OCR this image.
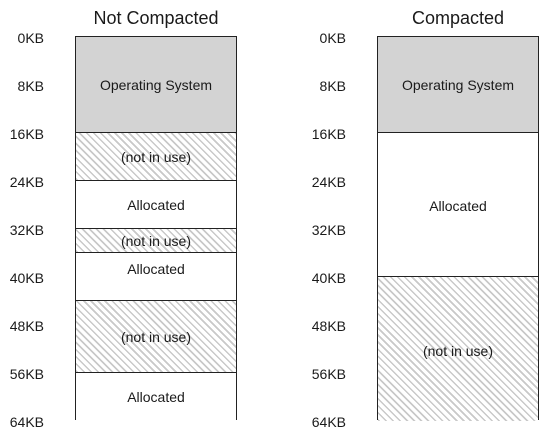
Not Compacted
0KB
8KB
16KB
24KB
32KB
40KB
48KB
56KB
64KB
Operating System
(not in use)
Allocated
(not in use)
Allocated
(not in use)
Allocated
Compacted
0KB
8KB
16KB
24KB
32KB
40KB
48KB
56KB
64KB
Operating System
Allocated
(not in use)
